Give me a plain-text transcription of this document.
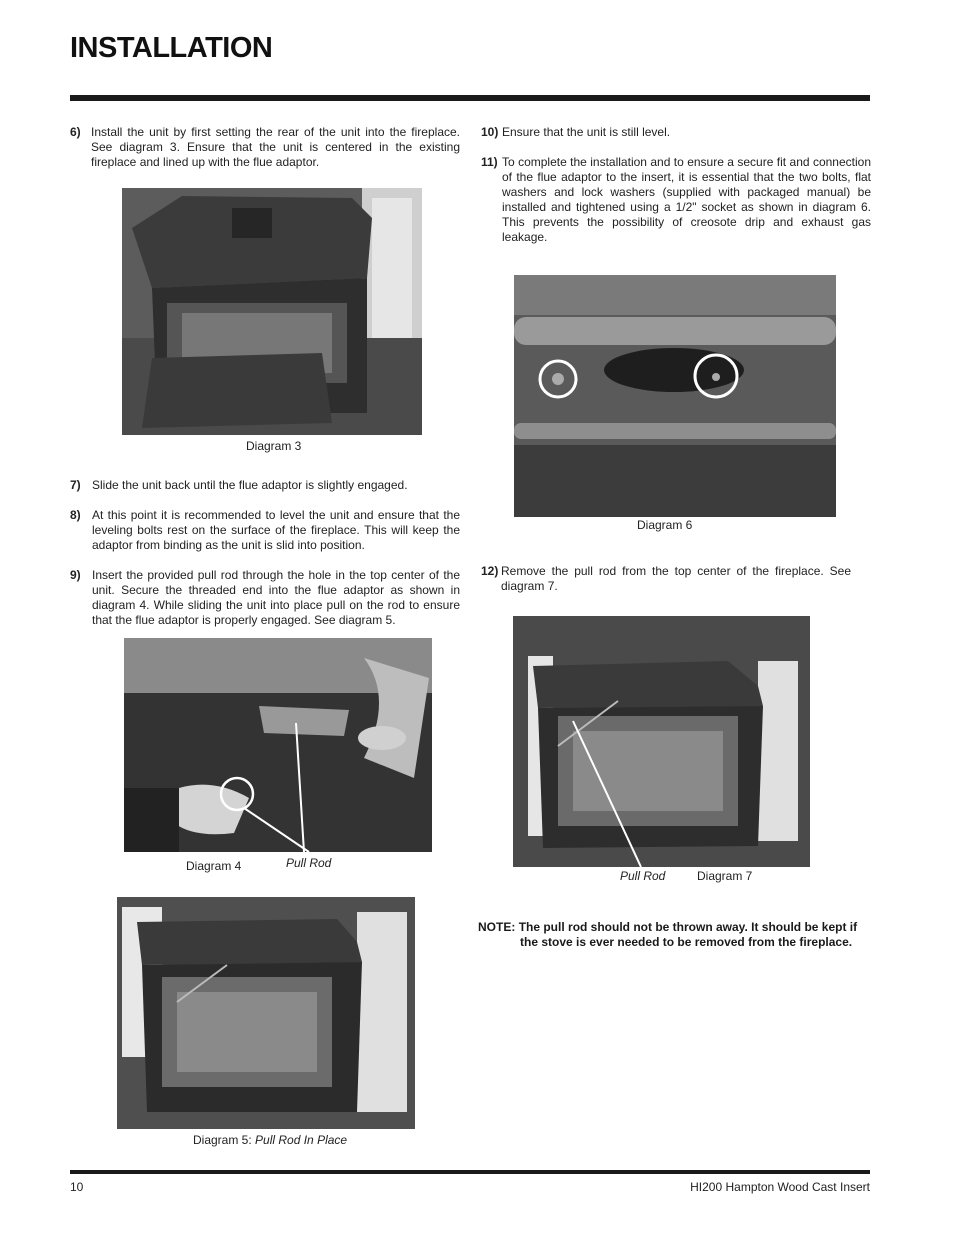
INSTALLATION
6) Install the unit by first setting the rear of the unit into the fireplace. See diagram 3. Ensure that the unit is centered in the existing fireplace and lined up with the flue adaptor.
Diagram 3
7) Slide the unit back until the flue adaptor is slightly engaged.
8) At this point it is recommended to level the unit and ensure that the leveling bolts rest on the surface of the fireplace. This will keep the adaptor from binding as the unit is slid into position.
9) Insert the provided pull rod through the hole in the top center of the unit. Secure the threaded end into the flue adaptor as shown in diagram 4. While sliding the unit into place pull on the rod to ensure that the flue adaptor is properly engaged. See diagram 5.
Diagram 4	Pull Rod
Diagram 5: Pull Rod In Place
10) Ensure that the unit is still level.
11) To complete the installation and to ensure a secure fit and connection of the flue adaptor to the insert, it is essential that the two bolts, flat washers and lock washers (supplied with packaged manual) be installed and tightened using a 1/2" socket as shown in diagram 6. This prevents the possibility of creosote drip and exhaust gas leakage.
Diagram 6
12) Remove the pull rod from the top center of the fireplace. See diagram 7.
Pull Rod	Diagram 7
NOTE: The pull rod should not be thrown away. It should be kept if
the stove is ever needed to be removed from the fireplace.
10	HI200 Hampton Wood Cast Insert
